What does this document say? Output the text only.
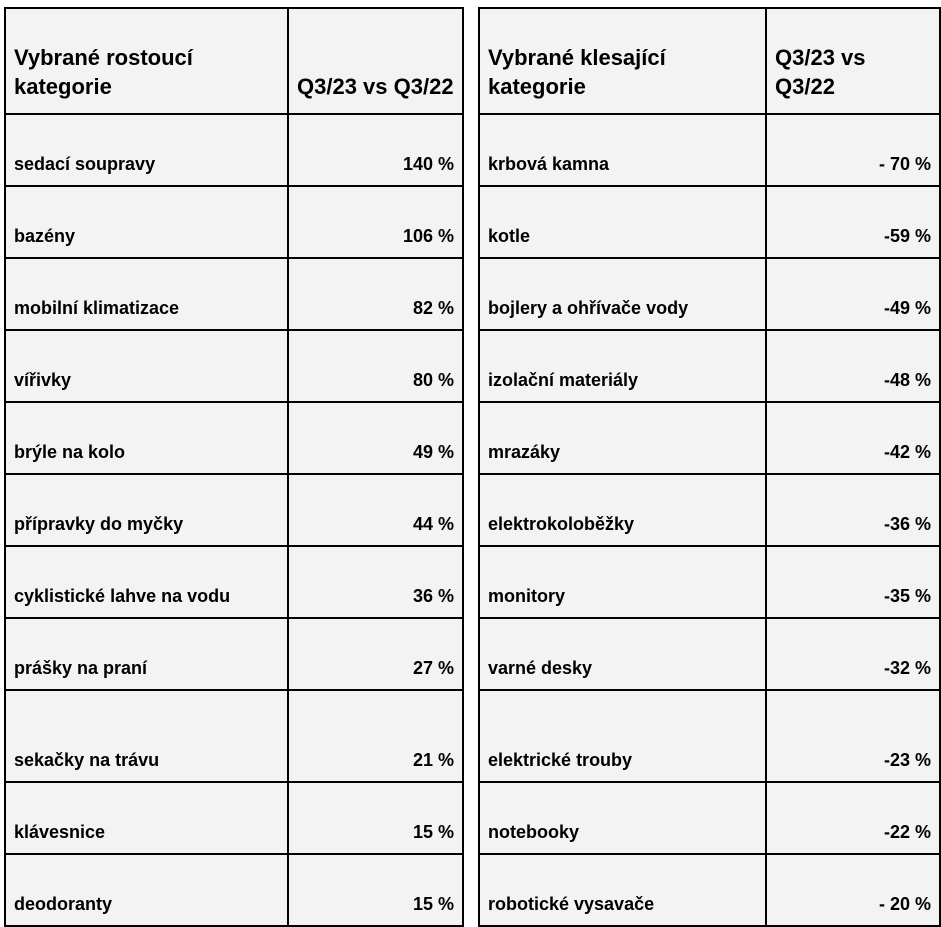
Vybrané rostoucí kategorie	Q3/23 vs Q3/22
sedací soupravy	140 %
bazény	106 %
mobilní klimatizace	82 %
vířivky	80 %
brýle na kolo	49 %
přípravky do myčky	44 %
cyklistické lahve na vodu	36 %
prášky na praní	27 %
sekačky na trávu	21 %
klávesnice	15 %
deodoranty	15 %
Vybrané klesající kategorie	Q3/23 vs Q3/22
krbová kamna	- 70 %
kotle	-59 %
bojlery a ohřívače vody	-49 %
izolační materiály	-48 %
mrazáky	-42 %
elektrokoloběžky	-36 %
monitory	-35 %
varné desky	-32 %
elektrické trouby	-23 %
notebooky	-22 %
robotické vysavače	- 20 %
